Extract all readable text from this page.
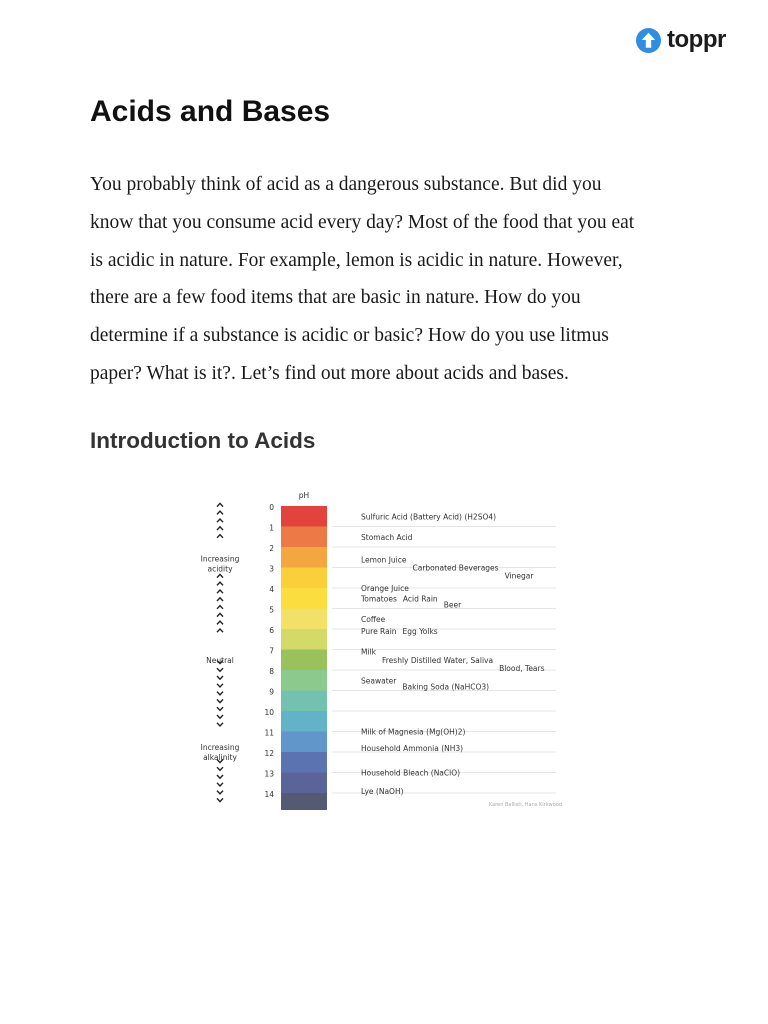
toppr
Acids and Bases

You probably think of acid as a dangerous substance. But did you
know that you consume acid every day? Most of the food that you eat
is acidic in nature. For example, lemon is acidic in nature. However,
there are a few food items that are basic in nature. How do you
determine if a substance is acidic or basic? How do you use litmus
paper? What is it?. Let’s find out more about acids and bases.

Introduction to Acids
pH
0
1
2
3
4
5
6
7
8
9
10
11
12
13
14
Increasing
acidity
Neutral
Increasing
alkalinity
Sulfuric Acid (Battery Acid) (H2SO4)
Stomach Acid
Lemon Juice
Carbonated Beverages
Vinegar
Orange Juice
Tomatoes Acid Rain
Beer
Coffee
Pure Rain Egg Yolks
Milk
Freshly Distilled Water, Saliva
Blood, Tears
Seawater
Baking Soda (NaHCO3)
Milk of Magnesia (Mg(OH)2)
Household Ammonia (NH3)
Household Bleach (NaClO)
Lye (NaOH)
Karen Ballisti, Hans Kirkwood
